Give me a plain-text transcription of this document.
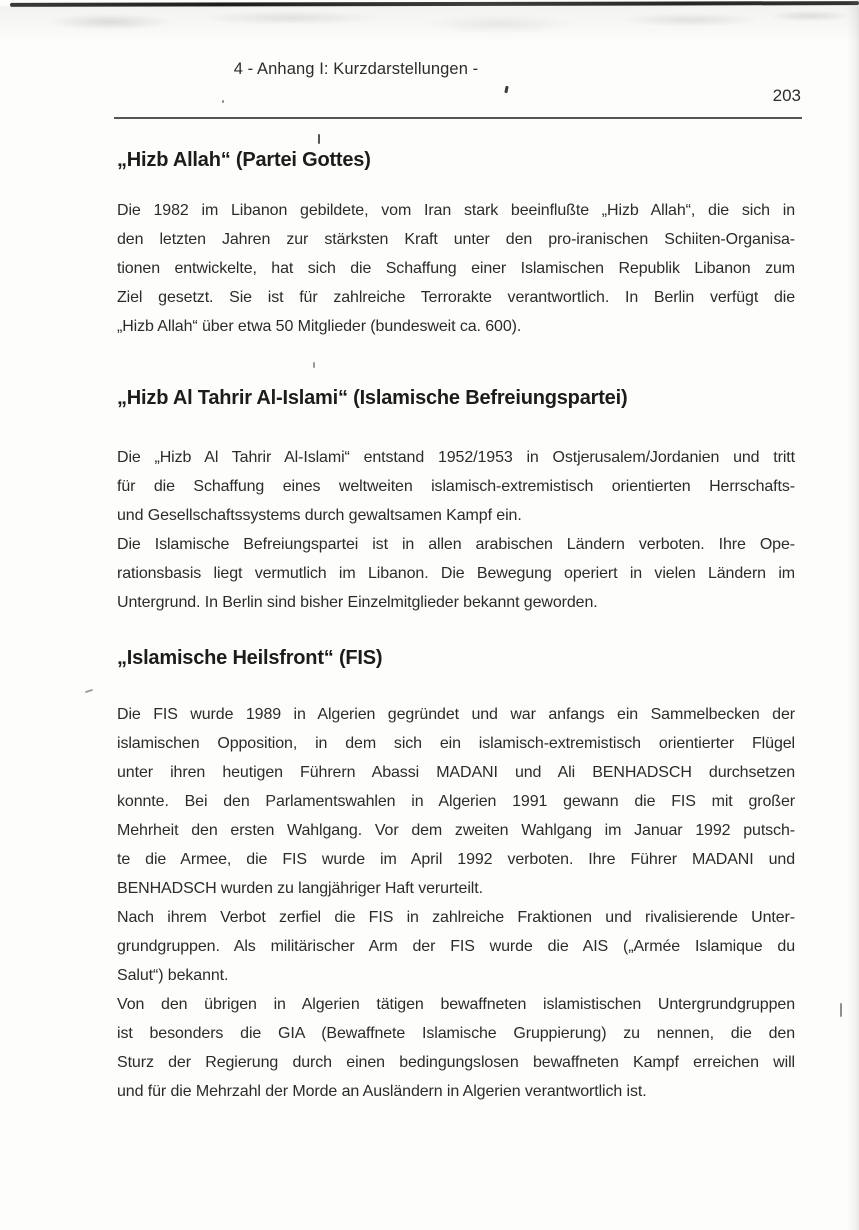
4 - Anhang I: Kurzdarstellungen -
203
„Hizb Allah“ (Partei Gottes)
Die 1982 im Libanon gebildete, vom Iran stark beeinflußte „Hizb Allah“, die sich in
den letzten Jahren zur stärksten Kraft unter den pro-iranischen Schiiten-Organisa-
tionen entwickelte, hat sich die Schaffung einer Islamischen Republik Libanon zum
Ziel gesetzt. Sie ist für zahlreiche Terrorakte verantwortlich. In Berlin verfügt die
„Hizb Allah“ über etwa 50 Mitglieder (bundesweit ca. 600).
„Hizb Al Tahrir Al-Islami“ (Islamische Befreiungspartei)
Die „Hizb Al Tahrir Al-Islami“ entstand 1952/1953 in Ostjerusalem/Jordanien und tritt
für die Schaffung eines weltweiten islamisch-extremistisch orientierten Herrschafts-
und Gesellschaftssystems durch gewaltsamen Kampf ein.
Die Islamische Befreiungspartei ist in allen arabischen Ländern verboten. Ihre Ope-
rationsbasis liegt vermutlich im Libanon. Die Bewegung operiert in vielen Ländern im
Untergrund. In Berlin sind bisher Einzelmitglieder bekannt geworden.
„Islamische Heilsfront“ (FIS)
Die FIS wurde 1989 in Algerien gegründet und war anfangs ein Sammelbecken der
islamischen Opposition, in dem sich ein islamisch-extremistisch orientierter Flügel
unter ihren heutigen Führern Abassi MADANI und Ali BENHADSCH durchsetzen
konnte. Bei den Parlamentswahlen in Algerien 1991 gewann die FIS mit großer
Mehrheit den ersten Wahlgang. Vor dem zweiten Wahlgang im Januar 1992 putsch-
te die Armee, die FIS wurde im April 1992 verboten. Ihre Führer MADANI und
BENHADSCH wurden zu langjähriger Haft verurteilt.
Nach ihrem Verbot zerfiel die FIS in zahlreiche Fraktionen und rivalisierende Unter-
grundgruppen. Als militärischer Arm der FIS wurde die AIS („Armée Islamique du
Salut“) bekannt.
Von den übrigen in Algerien tätigen bewaffneten islamistischen Untergrundgruppen
ist besonders die GIA (Bewaffnete Islamische Gruppierung) zu nennen, die den
Sturz der Regierung durch einen bedingungslosen bewaffneten Kampf erreichen will
und für die Mehrzahl der Morde an Ausländern in Algerien verantwortlich ist.
